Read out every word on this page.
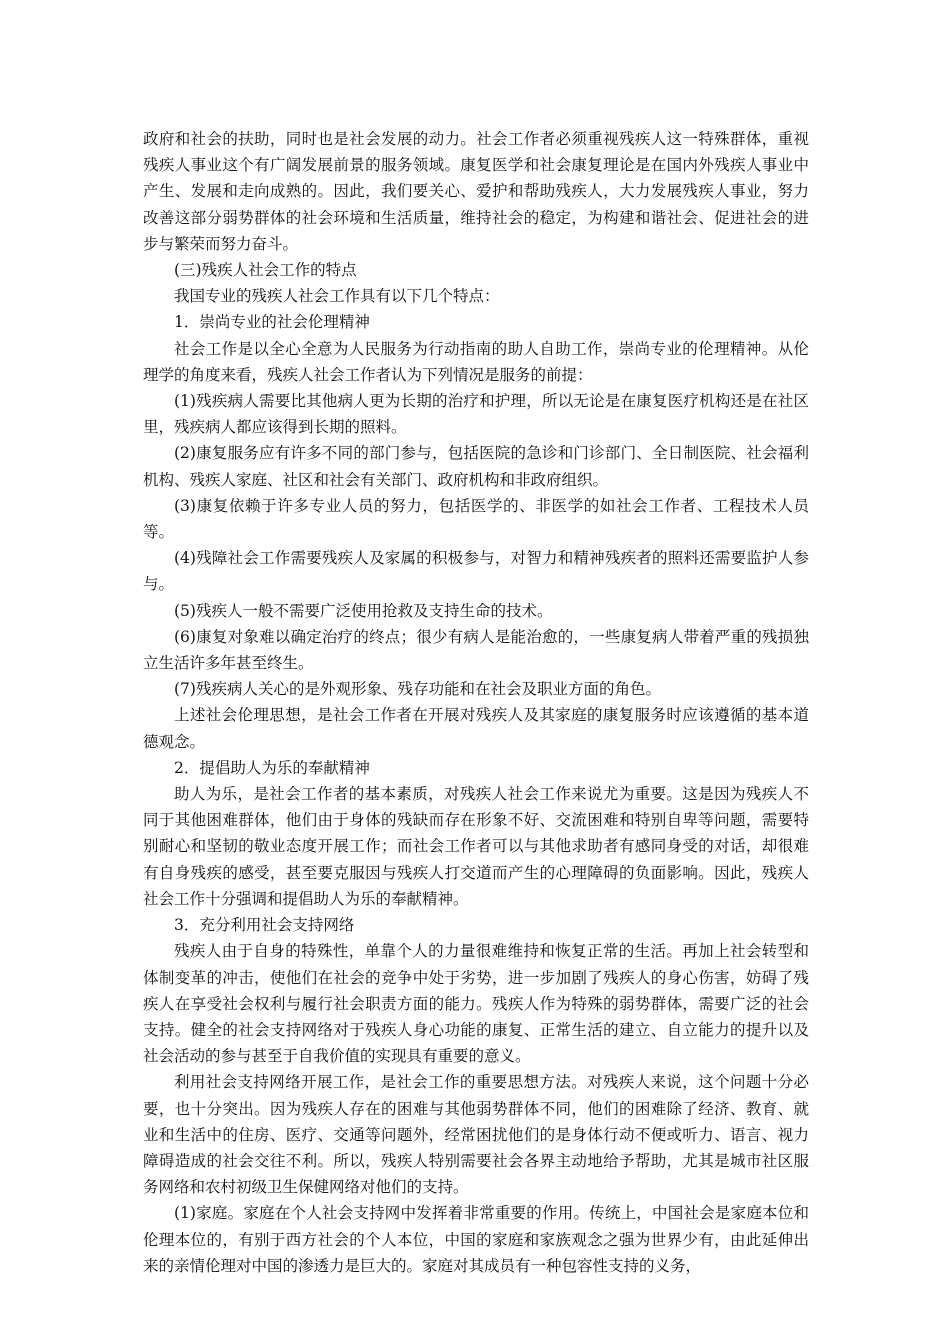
政府和社会的扶助，同时也是社会发展的动力。社会工作者必须重视残疾人这一特殊群体，重视残疾人事业这个有广阔发展前景的服务领域。康复医学和社会康复理论是在国内外残疾人事业中产生、发展和走向成熟的。因此，我们要关心、爱护和帮助残疾人，大力发展残疾人事业，努力改善这部分弱势群体的社会环境和生活质量，维持社会的稳定，为构建和谐社会、促进社会的进步与繁荣而努力奋斗。

(三)残疾人社会工作的特点

我国专业的残疾人社会工作具有以下几个特点：

1．崇尚专业的社会伦理精神

社会工作是以全心全意为人民服务为行动指南的助人自助工作，崇尚专业的伦理精神。从伦理学的角度来看，残疾人社会工作者认为下列情况是服务的前提：

(1)残疾病人需要比其他病人更为长期的治疗和护理，所以无论是在康复医疗机构还是在社区里，残疾病人都应该得到长期的照料。

(2)康复服务应有许多不同的部门参与，包括医院的急诊和门诊部门、全日制医院、社会福利机构、残疾人家庭、社区和社会有关部门、政府机构和非政府组织。

(3)康复依赖于许多专业人员的努力，包括医学的、非医学的如社会工作者、工程技术人员等。

(4)残障社会工作需要残疾人及家属的积极参与，对智力和精神残疾者的照料还需要监护人参与。

(5)残疾人一般不需要广泛使用抢救及支持生命的技术。

(6)康复对象难以确定治疗的终点；很少有病人是能治愈的，一些康复病人带着严重的残损独立生活许多年甚至终生。

(7)残疾病人关心的是外观形象、残存功能和在社会及职业方面的角色。

上述社会伦理思想，是社会工作者在开展对残疾人及其家庭的康复服务时应该遵循的基本道德观念。

2．提倡助人为乐的奉献精神

助人为乐，是社会工作者的基本素质，对残疾人社会工作来说尤为重要。这是因为残疾人不同于其他困难群体，他们由于身体的残缺而存在形象不好、交流困难和特别自卑等问题，需要特别耐心和坚韧的敬业态度开展工作；而社会工作者可以与其他求助者有感同身受的对话，却很难有自身残疾的感受，甚至要克服因与残疾人打交道而产生的心理障碍的负面影响。因此，残疾人社会工作十分强调和提倡助人为乐的奉献精神。

3．充分利用社会支持网络

残疾人由于自身的特殊性，单靠个人的力量很难维持和恢复正常的生活。再加上社会转型和体制变革的冲击，使他们在社会的竞争中处于劣势，进一步加剧了残疾人的身心伤害，妨碍了残疾人在享受社会权利与履行社会职责方面的能力。残疾人作为特殊的弱势群体，需要广泛的社会支持。健全的社会支持网络对于残疾人身心功能的康复、正常生活的建立、自立能力的提升以及社会活动的参与甚至于自我价值的实现具有重要的意义。

利用社会支持网络开展工作，是社会工作的重要思想方法。对残疾人来说，这个问题十分必要，也十分突出。因为残疾人存在的困难与其他弱势群体不同，他们的困难除了经济、教育、就业和生活中的住房、医疗、交通等问题外，经常困扰他们的是身体行动不便或听力、语言、视力障碍造成的社会交往不利。所以，残疾人特别需要社会各界主动地给予帮助，尤其是城市社区服务网络和农村初级卫生保健网络对他们的支持。

(1)家庭。家庭在个人社会支持网中发挥着非常重要的作用。传统上，中国社会是家庭本位和伦理本位的，有别于西方社会的个人本位，中国的家庭和家族观念之强为世界少有，由此延伸出来的亲情伦理对中国的渗透力是巨大的。家庭对其成员有一种包容性支持的义务，
